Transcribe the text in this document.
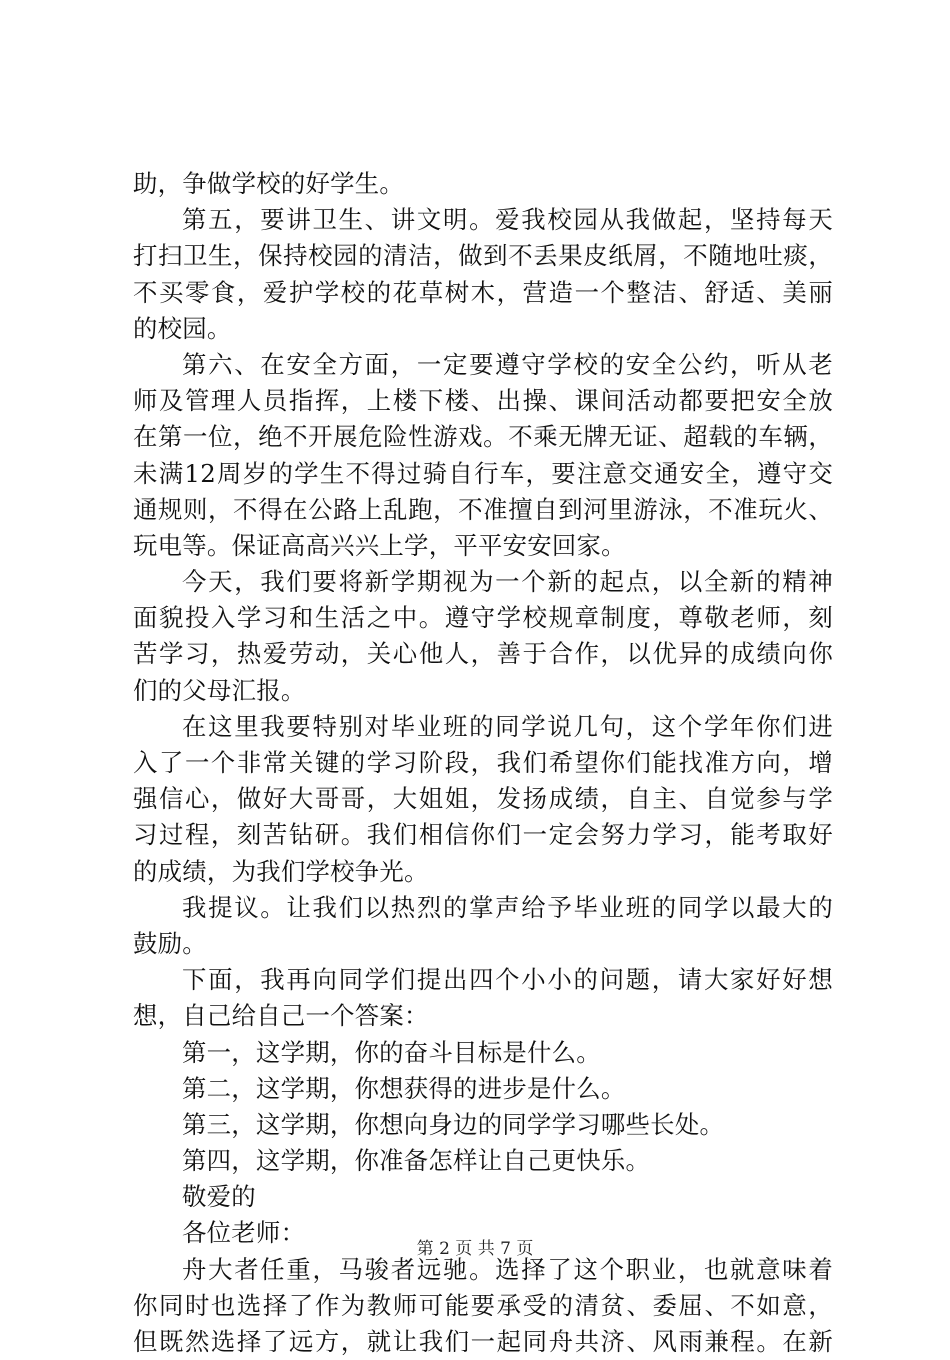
助，争做学校的好学生。
第五，要讲卫生、讲文明。爱我校园从我做起，坚持每天
打扫卫生，保持校园的清洁，做到不丢果皮纸屑，不随地吐痰，
不买零食，爱护学校的花草树木，营造一个整洁、舒适、美丽
的校园。
第六、在安全方面，一定要遵守学校的安全公约，听从老
师及管理人员指挥，上楼下楼、出操、课间活动都要把安全放
在第一位，绝不开展危险性游戏。不乘无牌无证、超载的车辆，
未满12周岁的学生不得过骑自行车，要注意交通安全，遵守交
通规则，不得在公路上乱跑，不准擅自到河里游泳，不准玩火、
玩电等。保证高高兴兴上学，平平安安回家。
今天，我们要将新学期视为一个新的起点，以全新的精神
面貌投入学习和生活之中。遵守学校规章制度，尊敬老师，刻
苦学习，热爱劳动，关心他人，善于合作，以优异的成绩向你
们的父母汇报。
在这里我要特别对毕业班的同学说几句，这个学年你们进
入了一个非常关键的学习阶段，我们希望你们能找准方向，增
强信心，做好大哥哥，大姐姐，发扬成绩，自主、自觉参与学
习过程，刻苦钻研。我们相信你们一定会努力学习，能考取好
的成绩，为我们学校争光。
我提议。让我们以热烈的掌声给予毕业班的同学以最大的
鼓励。
下面，我再向同学们提出四个小小的问题，请大家好好想
想，自己给自己一个答案：
第一，这学期，你的奋斗目标是什么。
第二，这学期，你想获得的进步是什么。
第三，这学期，你想向身边的同学学习哪些长处。
第四，这学期，你准备怎样让自己更快乐。
敬爱的
各位老师：
舟大者任重，马骏者远驰。选择了这个职业，也就意味着
你同时也选择了作为教师可能要承受的清贫、委屈、不如意，
但既然选择了远方，就让我们一起同舟共济、风雨兼程。在新
第 2 页 共 7 页
